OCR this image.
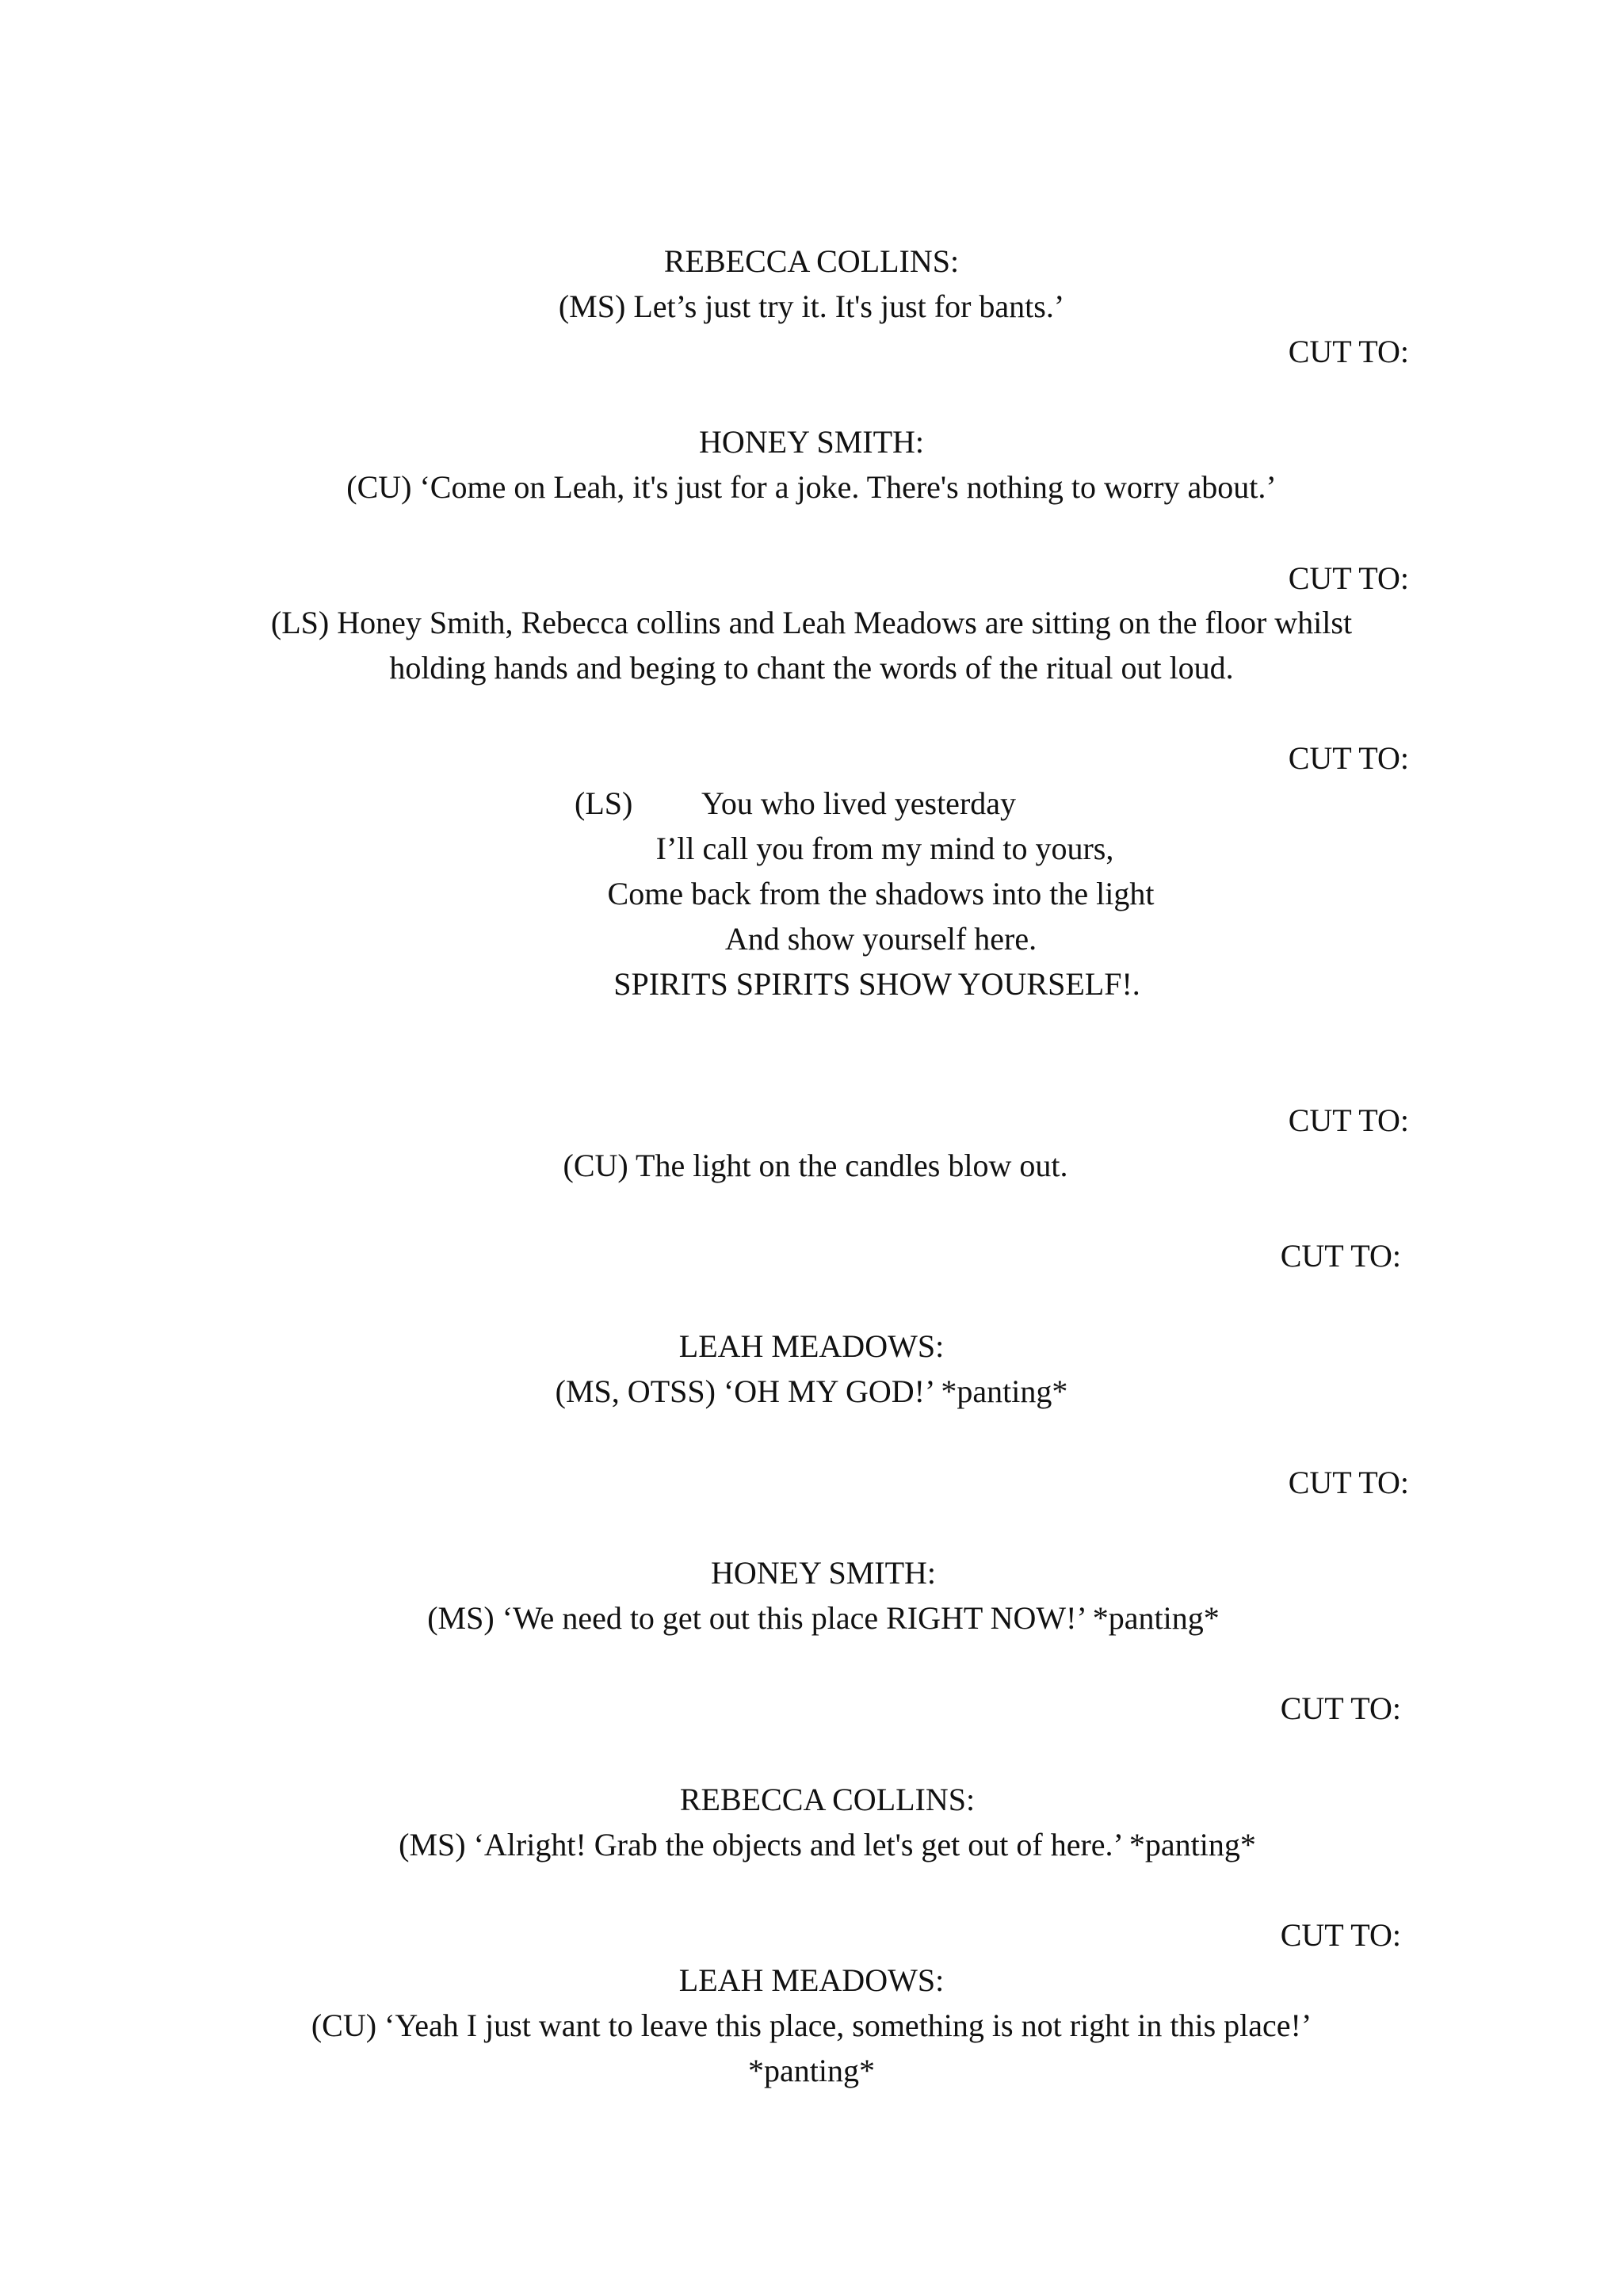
REBECCA COLLINS:
(MS) Let’s just try it. It's just for bants.’
CUT TO:
HONEY SMITH:
(CU) ‘Come on Leah, it's just for a joke. There's nothing to worry about.’
CUT TO:
(LS) Honey Smith, Rebecca collins and Leah Meadows are sitting on the floor whilst
holding hands and beging to chant the words of the ritual out loud.
CUT TO:
(LS) You who lived yesterday
I’ll call you from my mind to yours,
Come back from the shadows into the light
And show yourself here.
SPIRITS SPIRITS SHOW YOURSELF!.
CUT TO:
(CU) The light on the candles blow out.
CUT TO:
LEAH MEADOWS:
(MS, OTSS) ‘OH MY GOD!’ *panting*
CUT TO:
HONEY SMITH:
(MS) ‘We need to get out this place RIGHT NOW!’ *panting*
CUT TO:
REBECCA COLLINS:
(MS) ‘Alright! Grab the objects and let's get out of here.’ *panting*
CUT TO:
LEAH MEADOWS:
(CU) ‘Yeah I just want to leave this place, something is not right in this place!’
*panting*
